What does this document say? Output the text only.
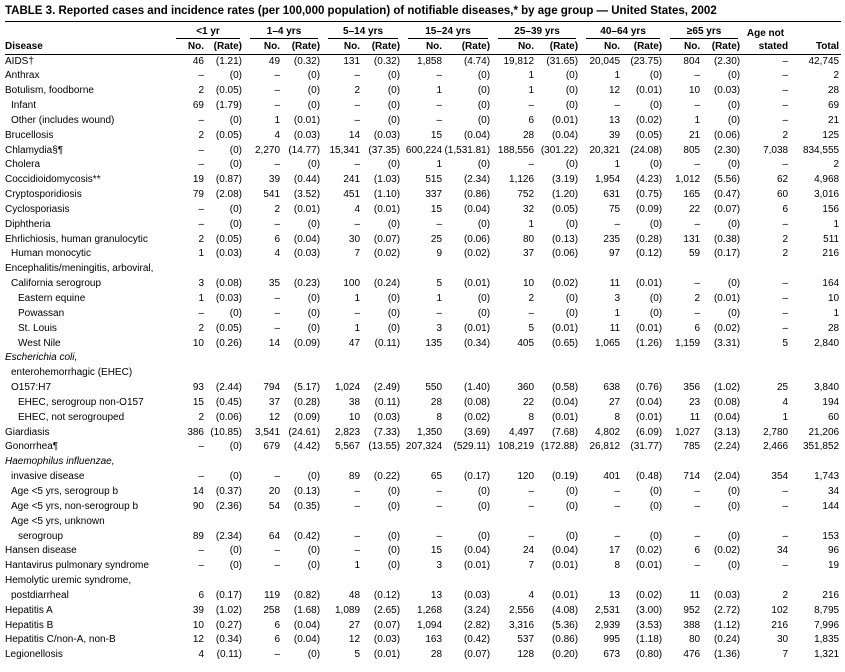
TABLE 3. Reported cases and incidence rates (per 100,000 population) of notifiable diseases,* by age group — United States, 2002

	<1 yr		1–4 yrs		5–14 yrs		15–24 yrs		25–39 yrs		40–64 yrs		≥65 yrs		Age not	
Disease	No.	(Rate)	No.	(Rate)	No.	(Rate)	No.	(Rate)	No.	(Rate)	No.	(Rate)	No.	(Rate)	stated	Total
AIDS†	46	(1.21)	49	(0.32)	131	(0.32)	1,858	(4.74)	19,812	(31.65)	20,045	(23.75)	804	(2.30)	–	42,745
Anthrax	–	(0)	–	(0)	–	(0)	–	(0)	1	(0)	1	(0)	–	(0)	–	2
Botulism, foodborne	2	(0.05)	–	(0)	2	(0)	1	(0)	1	(0)	12	(0.01)	10	(0.03)	–	28
Infant	69	(1.79)	–	(0)	–	(0)	–	(0)	–	(0)	–	(0)	–	(0)	–	69
Other (includes wound)	–	(0)	1	(0.01)	–	(0)	–	(0)	6	(0.01)	13	(0.02)	1	(0)	–	21
Brucellosis	2	(0.05)	4	(0.03)	14	(0.03)	15	(0.04)	28	(0.04)	39	(0.05)	21	(0.06)	2	125
Chlamydia§¶	–	(0)	2,270	(14.77)	15,341	(37.35)	600,224	(1,531.81)	188,556	(301.22)	20,321	(24.08)	805	(2.30)	7,038	834,555
Cholera	–	(0)	–	(0)	–	(0)	1	(0)	–	(0)	1	(0)	–	(0)	–	2
Coccidioidomycosis**	19	(0.87)	39	(0.44)	241	(1.03)	515	(2.34)	1,126	(3.19)	1,954	(4.23)	1,012	(5.56)	62	4,968
Cryptosporidiosis	79	(2.08)	541	(3.52)	451	(1.10)	337	(0.86)	752	(1.20)	631	(0.75)	165	(0.47)	60	3,016
Cyclosporiasis	–	(0)	2	(0.01)	4	(0.01)	15	(0.04)	32	(0.05)	75	(0.09)	22	(0.07)	6	156
Diphtheria	–	(0)	–	(0)	–	(0)	–	(0)	1	(0)	–	(0)	–	(0)	–	1
Ehrlichiosis, human granulocytic	2	(0.05)	6	(0.04)	30	(0.07)	25	(0.06)	80	(0.13)	235	(0.28)	131	(0.38)	2	511
Human monocytic	1	(0.03)	4	(0.03)	7	(0.02)	9	(0.02)	37	(0.06)	97	(0.12)	59	(0.17)	2	216
Encephalitis/meningitis, arboviral,																
California serogroup	3	(0.08)	35	(0.23)	100	(0.24)	5	(0.01)	10	(0.02)	11	(0.01)	–	(0)	–	164
Eastern equine	1	(0.03)	–	(0)	1	(0)	1	(0)	2	(0)	3	(0)	2	(0.01)	–	10
Powassan	–	(0)	–	(0)	–	(0)	–	(0)	–	(0)	1	(0)	–	(0)	–	1
St. Louis	2	(0.05)	–	(0)	1	(0)	3	(0.01)	5	(0.01)	11	(0.01)	6	(0.02)	–	28
West Nile	10	(0.26)	14	(0.09)	47	(0.11)	135	(0.34)	405	(0.65)	1,065	(1.26)	1,159	(3.31)	5	2,840
Escherichia coli,																
enterohemorrhagic (EHEC)																
O157:H7	93	(2.44)	794	(5.17)	1,024	(2.49)	550	(1.40)	360	(0.58)	638	(0.76)	356	(1.02)	25	3,840
EHEC, serogroup non-O157	15	(0.45)	37	(0.28)	38	(0.11)	28	(0.08)	22	(0.04)	27	(0.04)	23	(0.08)	4	194
EHEC, not serogrouped	2	(0.06)	12	(0.09)	10	(0.03)	8	(0.02)	8	(0.01)	8	(0.01)	11	(0.04)	1	60
Giardiasis	386	(10.85)	3,541	(24.61)	2,823	(7.33)	1,350	(3.69)	4,497	(7.68)	4,802	(6.09)	1,027	(3.13)	2,780	21,206
Gonorrhea¶	–	(0)	679	(4.42)	5,567	(13.55)	207,324	(529.11)	108,219	(172.88)	26,812	(31.77)	785	(2.24)	2,466	351,852
Haemophilus influenzae,																
invasive disease	–	(0)	–	(0)	89	(0.22)	65	(0.17)	120	(0.19)	401	(0.48)	714	(2.04)	354	1,743
Age <5 yrs, serogroup b	14	(0.37)	20	(0.13)	–	(0)	–	(0)	–	(0)	–	(0)	–	(0)	–	34
Age <5 yrs, non-serogroup b	90	(2.36)	54	(0.35)	–	(0)	–	(0)	–	(0)	–	(0)	–	(0)	–	144
Age <5 yrs, unknown																
serogroup	89	(2.34)	64	(0.42)	–	(0)	–	(0)	–	(0)	–	(0)	–	(0)	–	153
Hansen disease	–	(0)	–	(0)	–	(0)	15	(0.04)	24	(0.04)	17	(0.02)	6	(0.02)	34	96
Hantavirus pulmonary syndrome	–	(0)	–	(0)	1	(0)	3	(0.01)	7	(0.01)	8	(0.01)	–	(0)	–	19
Hemolytic uremic syndrome,																
postdiarrheal	6	(0.17)	119	(0.82)	48	(0.12)	13	(0.03)	4	(0.01)	13	(0.02)	11	(0.03)	2	216
Hepatitis A	39	(1.02)	258	(1.68)	1,089	(2.65)	1,268	(3.24)	2,556	(4.08)	2,531	(3.00)	952	(2.72)	102	8,795
Hepatitis B	10	(0.27)	6	(0.04)	27	(0.07)	1,094	(2.82)	3,316	(5.36)	2,939	(3.53)	388	(1.12)	216	7,996
Hepatitis C/non-A, non-B	12	(0.34)	6	(0.04)	12	(0.03)	163	(0.42)	537	(0.86)	995	(1.18)	80	(0.24)	30	1,835
Legionellosis	4	(0.11)	–	(0)	5	(0.01)	28	(0.07)	128	(0.20)	673	(0.80)	476	(1.36)	7	1,321
